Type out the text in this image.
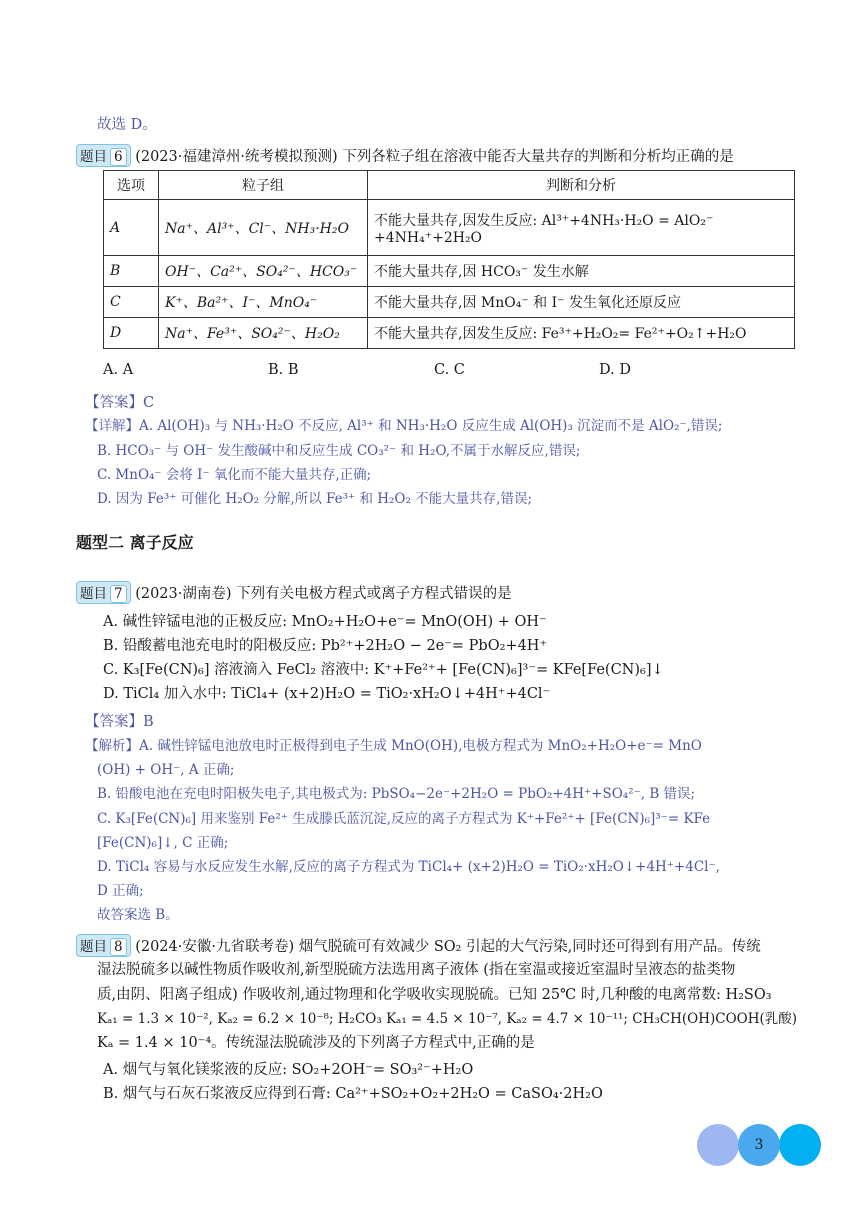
故选 D。
题目 6 (2023·福建漳州·统考模拟预测) 下列各粒子组在溶液中能否大量共存的判断和分析均正确的是
选项	粒子组	判断和分析
A	Na⁺、Al³⁺、Cl⁻、NH₃·H₂O	不能大量共存,因发生反应: Al³⁺+4NH₃·H₂O = AlO₂⁻
+4NH₄⁺+2H₂O

B	OH⁻、Ca²⁺、SO₄²⁻、HCO₃⁻	不能大量共存,因 HCO₃⁻ 发生水解
C	K⁺、Ba²⁺、I⁻、MnO₄⁻	不能大量共存,因 MnO₄⁻ 和 I⁻ 发生氧化还原反应
D	Na⁺、Fe³⁺、SO₄²⁻、H₂O₂	不能大量共存,因发生反应: Fe³⁺+H₂O₂= Fe²⁺+O₂↑+H₂O
A. A	B. B	C. C	D. D
【答案】C
【详解】A. Al(OH)₃ 与 NH₃·H₂O 不反应, Al³⁺ 和 NH₃·H₂O 反应生成 Al(OH)₃ 沉淀而不是 AlO₂⁻,错误;
B. HCO₃⁻ 与 OH⁻ 发生酸碱中和反应生成 CO₃²⁻ 和 H₂O,不属于水解反应,错误;
C. MnO₄⁻ 会将 I⁻ 氧化而不能大量共存,正确;
D. 因为 Fe³⁺ 可催化 H₂O₂ 分解,所以 Fe³⁺ 和 H₂O₂ 不能大量共存,错误;
题型二 离子反应
题目 7 (2023·湖南卷) 下列有关电极方程式或离子方程式错误的是
A. 碱性锌锰电池的正极反应: MnO₂+H₂O+e⁻= MnO(OH) + OH⁻
B. 铅酸蓄电池充电时的阳极反应: Pb²⁺+2H₂O − 2e⁻= PbO₂+4H⁺
C. K₃[Fe(CN)₆] 溶液滴入 FeCl₂ 溶液中: K⁺+Fe²⁺+ [Fe(CN)₆]³⁻= KFe[Fe(CN)₆]↓
D. TiCl₄ 加入水中: TiCl₄+ (x+2)H₂O = TiO₂·xH₂O↓+4H⁺+4Cl⁻
【答案】B
【解析】A. 碱性锌锰电池放电时正极得到电子生成 MnO(OH),电极方程式为 MnO₂+H₂O+e⁻= MnO
(OH) + OH⁻, A 正确;
B. 铅酸电池在充电时阳极失电子,其电极式为: PbSO₄−2e⁻+2H₂O = PbO₂+4H⁺+SO₄²⁻, B 错误;
C. K₃[Fe(CN)₆] 用来鉴别 Fe²⁺ 生成滕氏蓝沉淀,反应的离子方程式为 K⁺+Fe²⁺+ [Fe(CN)₆]³⁻= KFe
[Fe(CN)₆]↓, C 正确;
D. TiCl₄ 容易与水反应发生水解,反应的离子方程式为 TiCl₄+ (x+2)H₂O = TiO₂·xH₂O↓+4H⁺+4Cl⁻,
D 正确;
故答案选 B。
题目 8 (2024·安徽·九省联考卷) 烟气脱硫可有效减少 SO₂ 引起的大气污染,同时还可得到有用产品。传统
湿法脱硫多以碱性物质作吸收剂,新型脱硫方法选用离子液体 (指在室温或接近室温时呈液态的盐类物
质,由阴、阳离子组成) 作吸收剂,通过物理和化学吸收实现脱硫。已知 25℃ 时,几种酸的电离常数: H₂SO₃
Kₐ₁ = 1.3 × 10⁻², Kₐ₂ = 6.2 × 10⁻⁸; H₂CO₃ Kₐ₁ = 4.5 × 10⁻⁷, Kₐ₂ = 4.7 × 10⁻¹¹; CH₃CH(OH)COOH(乳酸)
Kₐ = 1.4 × 10⁻⁴。传统湿法脱硫涉及的下列离子方程式中,正确的是
A. 烟气与氧化镁浆液的反应: SO₂+2OH⁻= SO₃²⁻+H₂O
B. 烟气与石灰石浆液反应得到石膏: Ca²⁺+SO₂+O₂+2H₂O = CaSO₄·2H₂O
3
